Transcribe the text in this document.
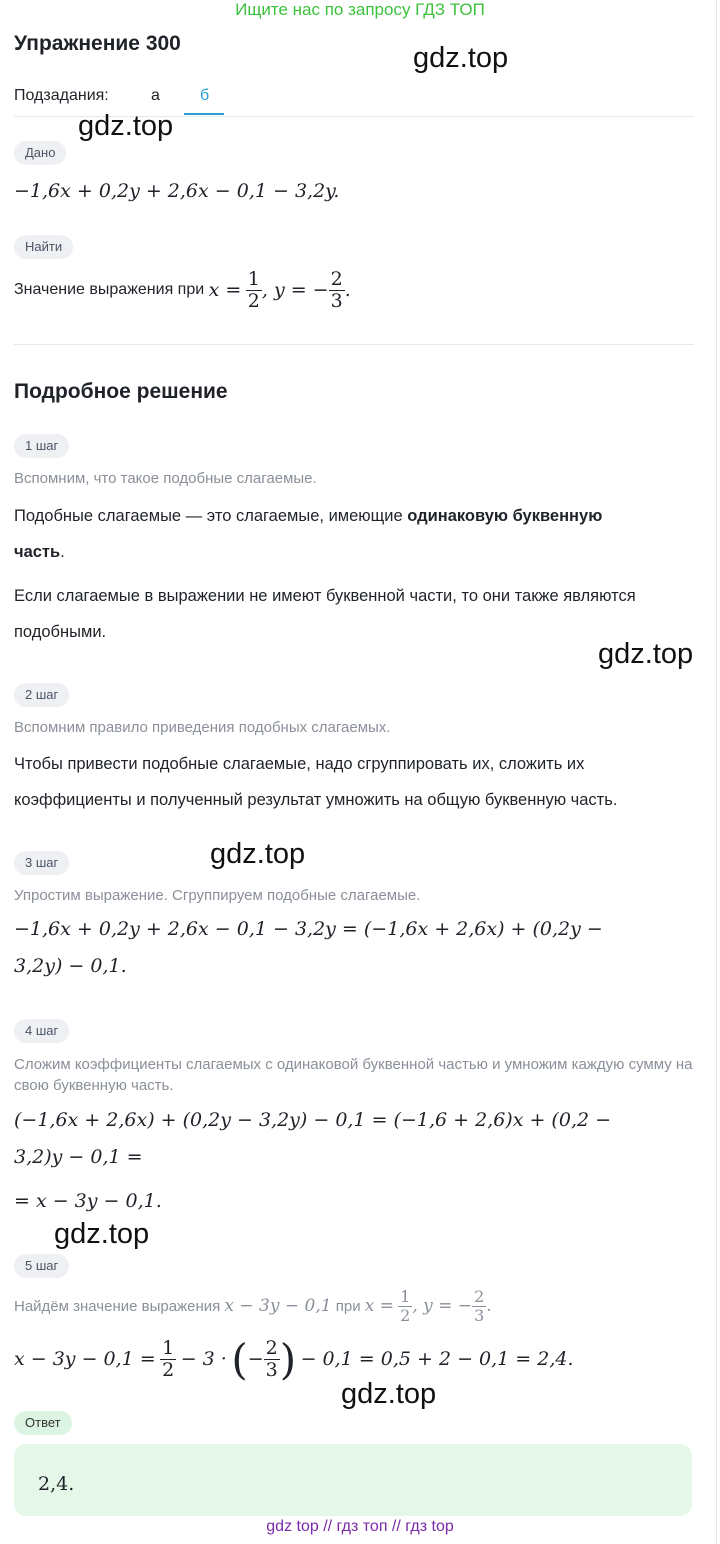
Ищите нас по запросу ГДЗ ТОП
Упражнение 300
Подзадания:	а	б
Дано
−1,6x + 0,2y + 2,6x − 0,1 − 3,2y.
Найти
Значение выражения при
x =
$\frac{1}{2}$ , y = − $\frac{2}{3}$ .
Подробное решение
1 шаг
Вспомним, что такое подобные слагаемые.
Подобные слагаемые — это слагаемые, имеющие одинаковую буквенную
часть.
Если слагаемые в выражении не имеют буквенной части, то они также являются подобными.
2 шаг
Вспомним правило приведения подобных слагаемых.
Чтобы привести подобные слагаемые, надо сгруппировать их, сложить их коэффициенты и полученный результат умножить на общую буквенную часть.
3 шаг
Упростим выражение. Сгруппируем подобные слагаемые.
−1,6x + 0,2y + 2,6x − 0,1 − 3,2y = (−1,6x + 2,6x) + (0,2y −
3,2y) − 0,1.
4 шаг
Сложим коэффициенты слагаемых с одинаковой буквенной частью и умножим каждую сумму на свою буквенную часть.
(−1,6x + 2,6x) + (0,2y − 3,2y) − 0,1 = (−1,6 + 2,6)x + (0,2 −
3,2)y − 0,1 =
= x − 3y − 0,1.
5 шаг
Найдём значение выражения
x − 3y − 0,1
при
x =
$\frac{1}{2}$ , y = − $\frac{2}{3}$ .
x − 3y − 0,1 =
$\frac{1}{2}$
− 3 ·
( − $\frac{2}{3}$ )
− 0,1 = 0,5 + 2 − 0,1 = 2,4.
Ответ
2,4.
gdz.top
gdz.top
gdz.top
gdz.top
gdz.top
gdz.top
gdz top // гдз топ // гдз top
